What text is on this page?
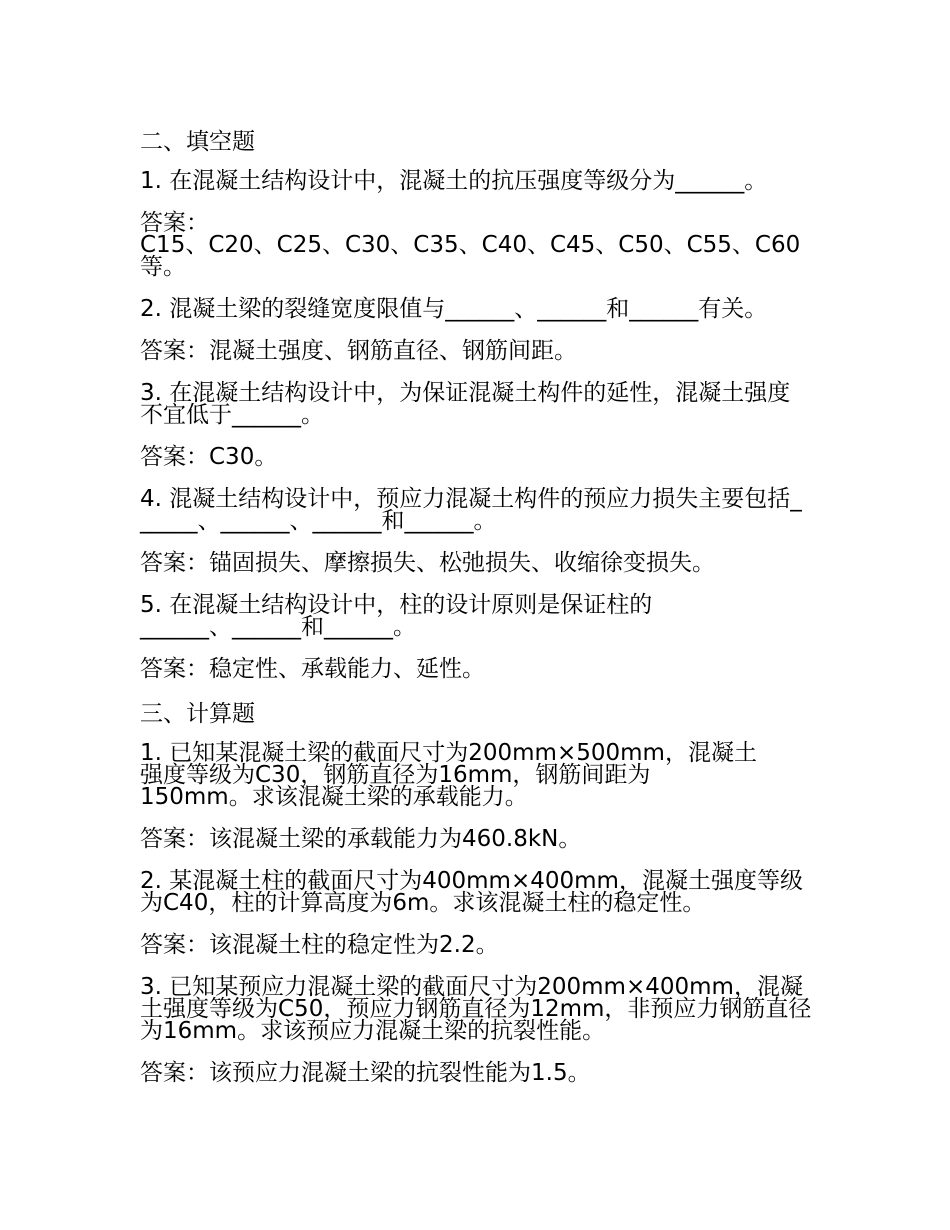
二、填空题
1. 在混凝土结构设计中，混凝土的抗压强度等级分为______。
答案：
C15、C20、C25、C30、C35、C40、C45、C50、C55、C60等。
2. 混凝土梁的裂缝宽度限值与______、______和______有关。
答案：混凝土强度、钢筋直径、钢筋间距。
3. 在混凝土结构设计中，为保证混凝土构件的延性，混凝土强度不宜低于______。
答案：C30。
4. 混凝土结构设计中，预应力混凝土构件的预应力损失主要包括______、______、______和______。
答案：锚固损失、摩擦损失、松弛损失、收缩徐变损失。
5. 在混凝土结构设计中，柱的设计原则是保证柱的
______、______和______。
答案：稳定性、承载能力、延性。
三、计算题
1. 已知某混凝土梁的截面尺寸为200mm×500mm，混凝土
强度等级为C30，钢筋直径为16mm，钢筋间距为
150mm。求该混凝土梁的承载能力。
答案：该混凝土梁的承载能力为460.8kN。
2. 某混凝土柱的截面尺寸为400mm×400mm，混凝土强度等级为C40，柱的计算高度为6m。求该混凝土柱的稳定性。
答案：该混凝土柱的稳定性为2.2。
3. 已知某预应力混凝土梁的截面尺寸为200mm×400mm，混凝土强度等级为C50，预应力钢筋直径为12mm，非预应力钢筋直径为16mm。求该预应力混凝土梁的抗裂性能。
答案：该预应力混凝土梁的抗裂性能为1.5。
